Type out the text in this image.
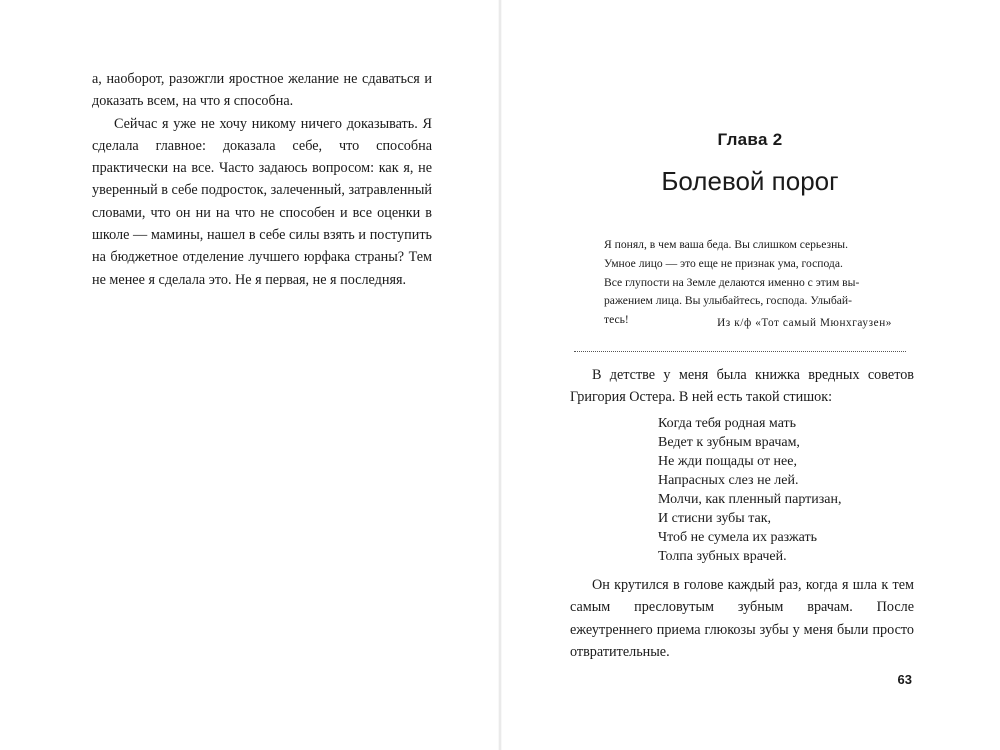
а, наоборот, разожгли яростное желание не сдаваться и доказать всем, на что я способна.

Сейчас я уже не хочу никому ничего доказывать. Я сделала главное: доказала себе, что способна практически на все. Часто задаюсь вопросом: как я, не уверенный в себе подросток, залеченный, затравленный словами, что он ни на что не способен и все оценки в школе — мамины, нашел в себе силы взять и поступить на бюджетное отделение лучшего юрфака страны? Тем не менее я сделала это. Не я первая, не я последняя.

Глава 2
Болевой порог

Я понял, в чем ваша беда. Вы слишком серьезны.

Умное лицо — это еще не признак ума, господа.

Все глупости на Земле делаются именно с этим вы-

ражением лица. Вы улыбайтесь, господа. Улыбай-

тесь!	Из к/ф «Тот самый Мюнхгаузен»

В детстве у меня была книжка вредных советов Григория Остера. В ней есть такой стишок:

Когда тебя родная мать
Ведет к зубным врачам,
Не жди пощады от нее,
Напрасных слез не лей.
Молчи, как пленный партизан,
И стисни зубы так,
Чтоб не сумела их разжать
Толпа зубных врачей.

Он крутился в голове каждый раз, когда я шла к тем самым пресловутым зубным врачам. После ежеутреннего приема глюкозы зубы у меня были просто отвратительные.

63
